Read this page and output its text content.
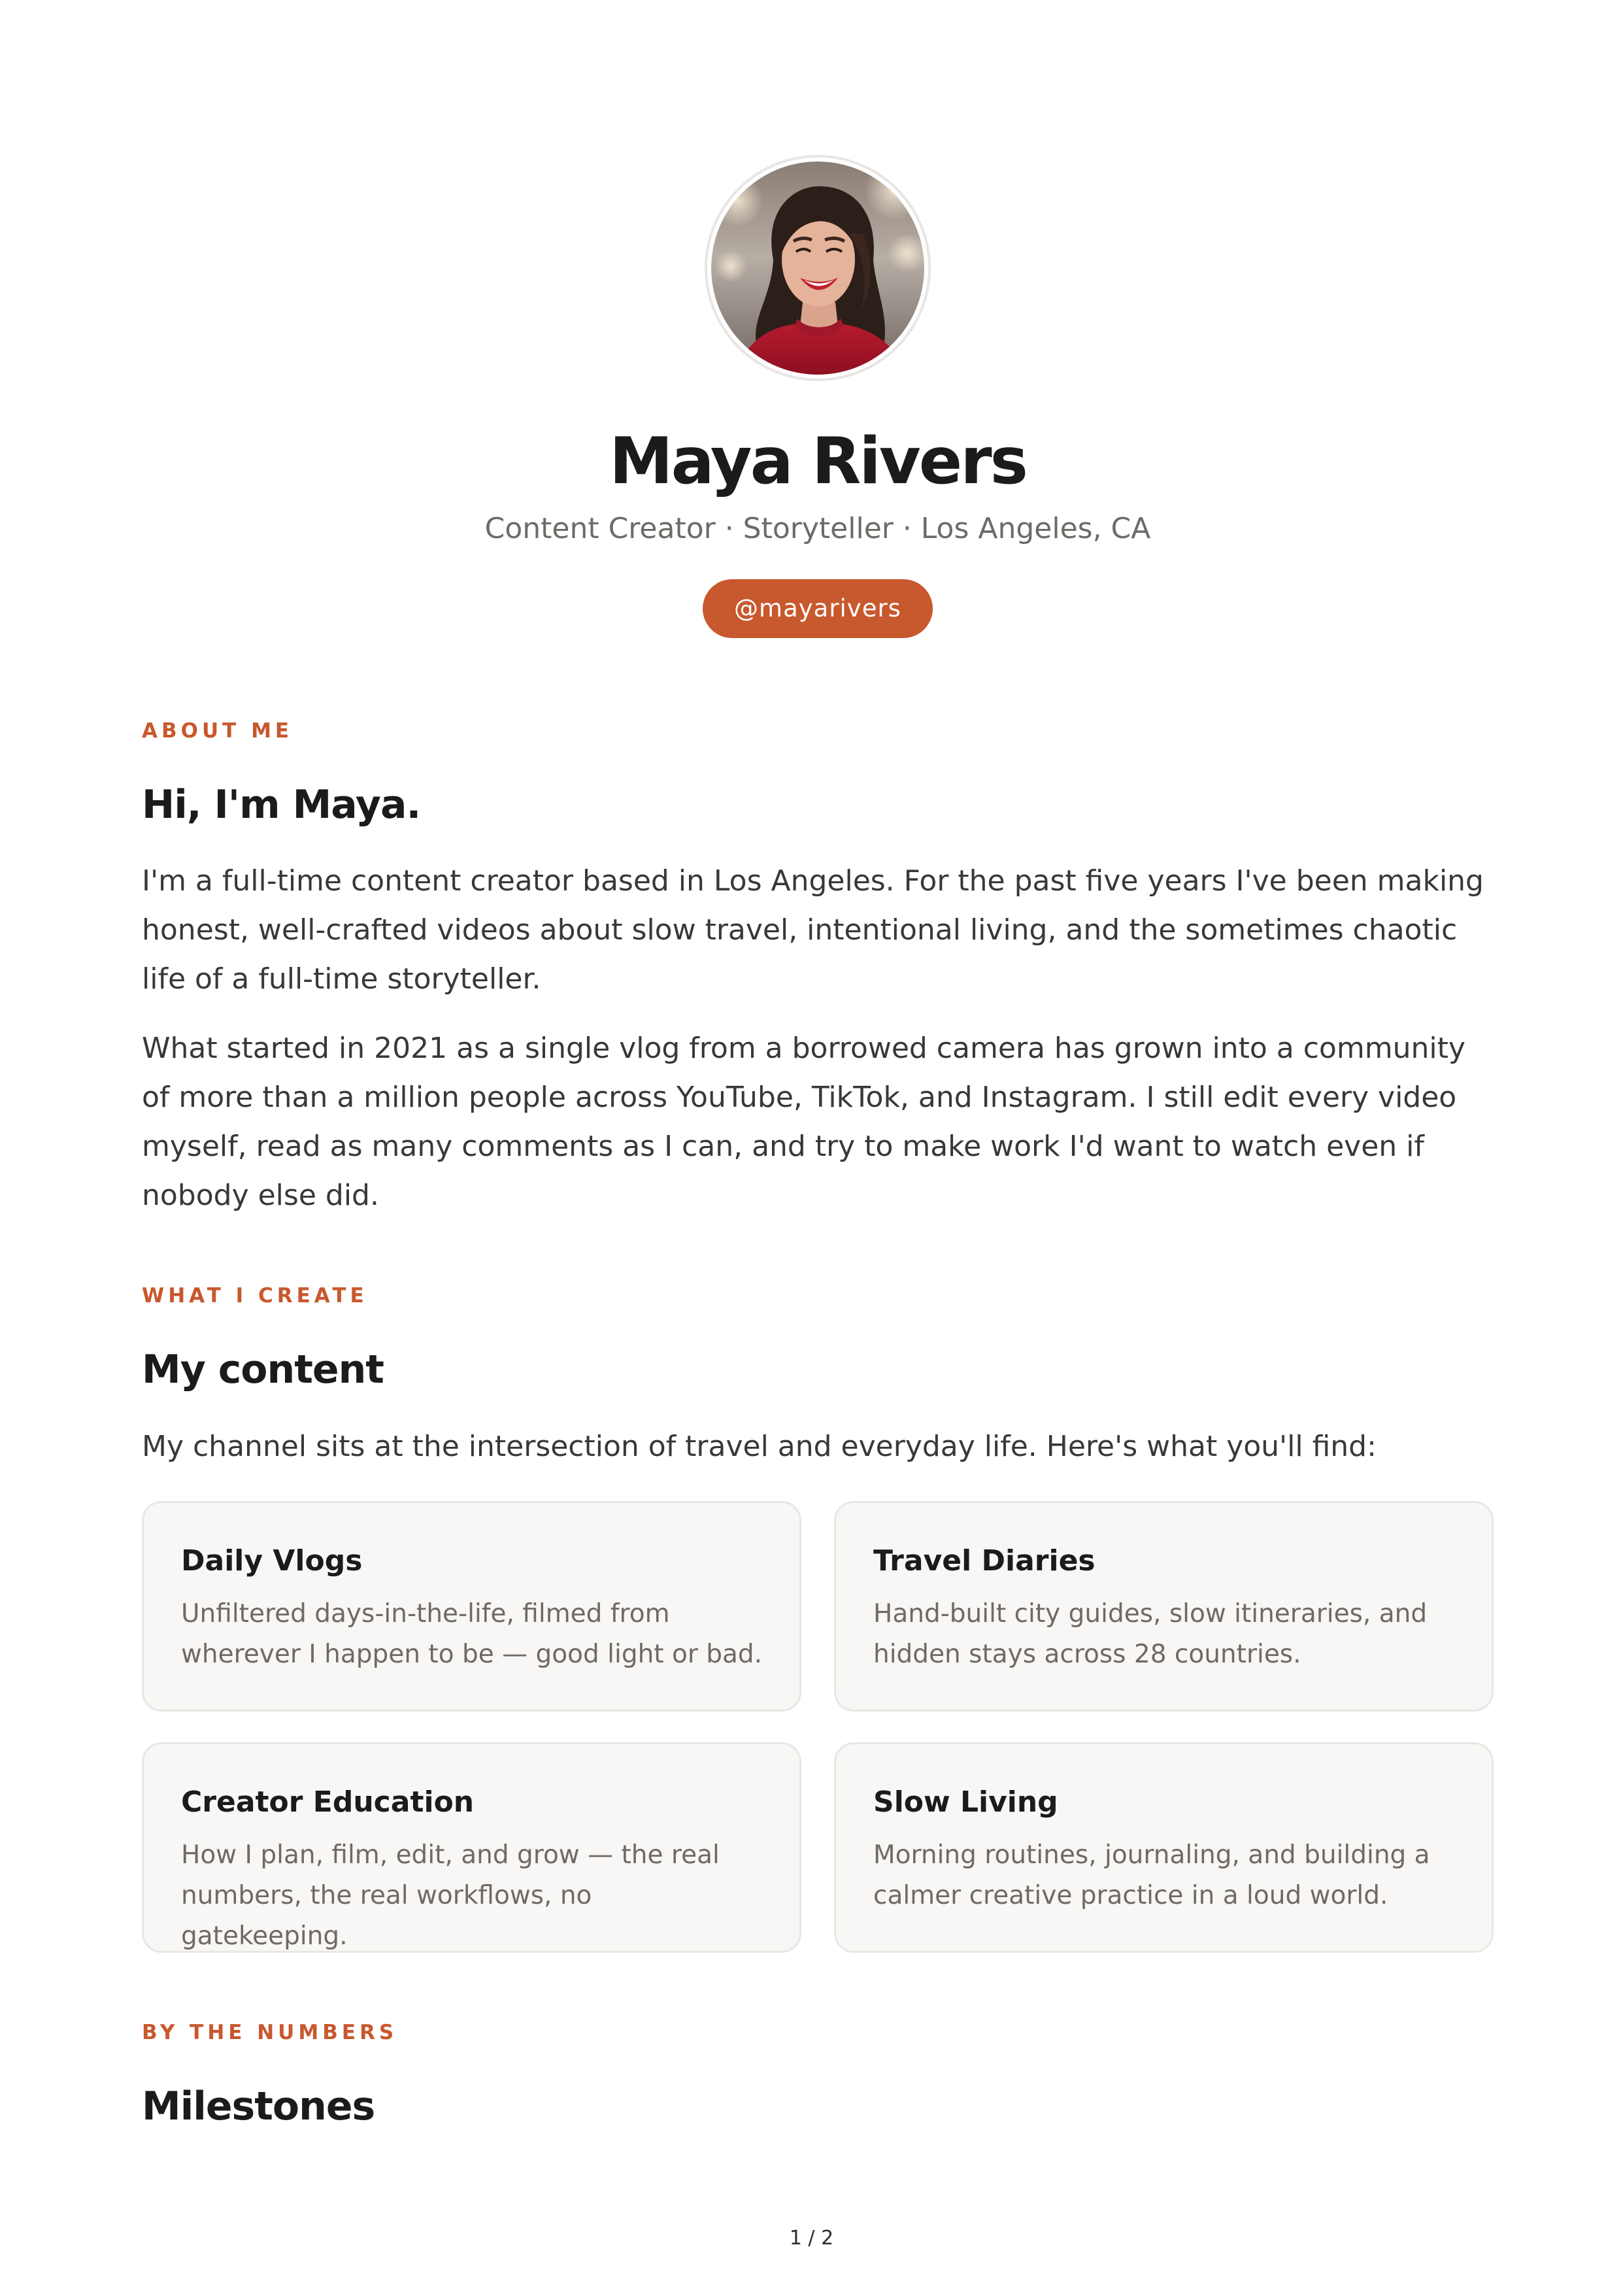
Maya Rivers
Content Creator · Storyteller · Los Angeles, CA
@mayarivers
ABOUT ME
Hi, I'm Maya.

I'm a full-time content creator based in Los Angeles. For the past five years I've been making honest, well-crafted videos about slow travel, intentional living, and the sometimes chaotic life of a full-time storyteller.

What started in 2021 as a single vlog from a borrowed camera has grown into a community of more than a million people across YouTube, TikTok, and Instagram. I still edit every video myself, read as many comments as I can, and try to make work I'd want to watch even if nobody else did.

WHAT I CREATE
My content

My channel sits at the intersection of travel and everyday life. Here's what you'll find:

Daily Vlogs
Unfiltered days-in-the-life, filmed from wherever I happen to be — good light or bad.
Travel Diaries
Hand-built city guides, slow itineraries, and hidden stays across 28 countries.
Creator Education
How I plan, film, edit, and grow — the real numbers, the real workflows, no gatekeeping.
Slow Living
Morning routines, journaling, and building a calmer creative practice in a loud world.
BY THE NUMBERS
Milestones
1 / 2
